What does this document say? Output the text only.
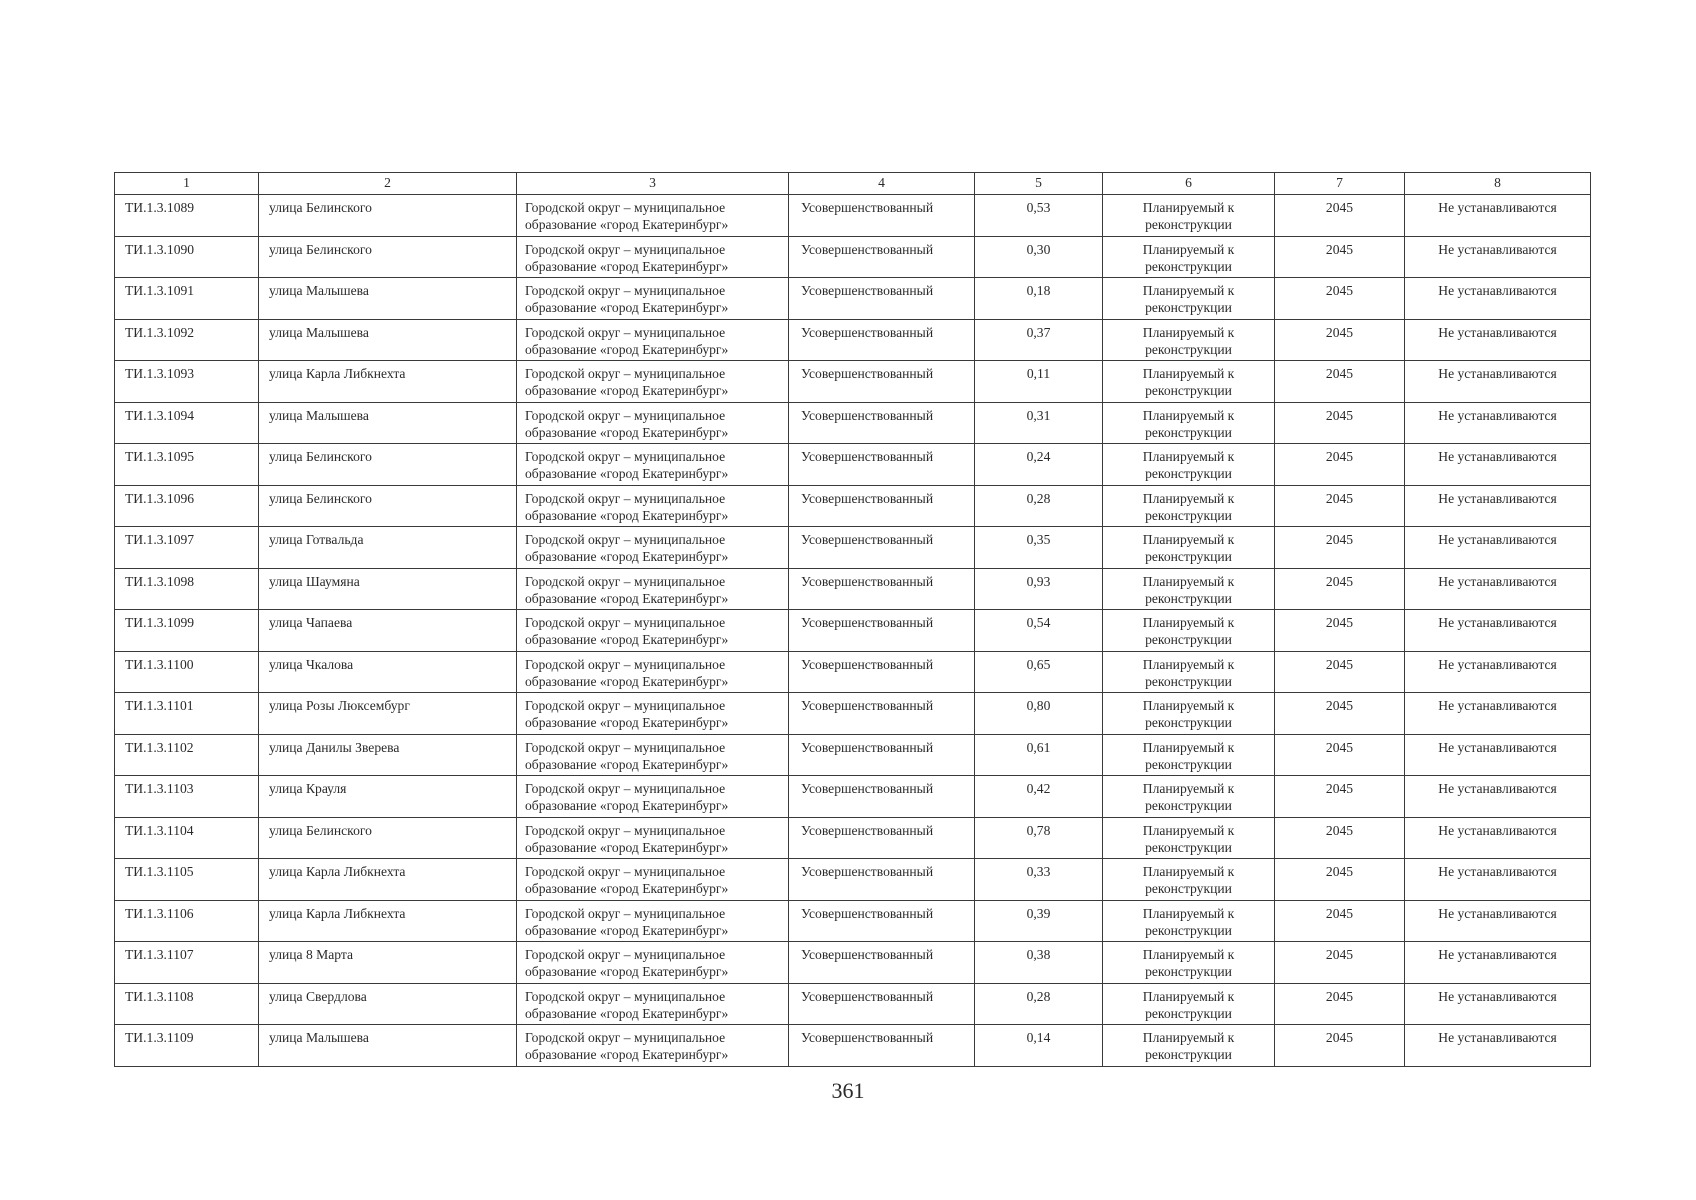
1	2	3	4	5	6	7	8
ТИ.1.3.1089	улица Белинского	Городской округ – муниципальное
образование «город Екатеринбург»	Усовершенствованный	0,53	Планируемый к
реконструкции	2045	Не устанавливаются
ТИ.1.3.1090	улица Белинского	Городской округ – муниципальное
образование «город Екатеринбург»	Усовершенствованный	0,30	Планируемый к
реконструкции	2045	Не устанавливаются
ТИ.1.3.1091	улица Малышева	Городской округ – муниципальное
образование «город Екатеринбург»	Усовершенствованный	0,18	Планируемый к
реконструкции	2045	Не устанавливаются
ТИ.1.3.1092	улица Малышева	Городской округ – муниципальное
образование «город Екатеринбург»	Усовершенствованный	0,37	Планируемый к
реконструкции	2045	Не устанавливаются
ТИ.1.3.1093	улица Карла Либкнехта	Городской округ – муниципальное
образование «город Екатеринбург»	Усовершенствованный	0,11	Планируемый к
реконструкции	2045	Не устанавливаются
ТИ.1.3.1094	улица Малышева	Городской округ – муниципальное
образование «город Екатеринбург»	Усовершенствованный	0,31	Планируемый к
реконструкции	2045	Не устанавливаются
ТИ.1.3.1095	улица Белинского	Городской округ – муниципальное
образование «город Екатеринбург»	Усовершенствованный	0,24	Планируемый к
реконструкции	2045	Не устанавливаются
ТИ.1.3.1096	улица Белинского	Городской округ – муниципальное
образование «город Екатеринбург»	Усовершенствованный	0,28	Планируемый к
реконструкции	2045	Не устанавливаются
ТИ.1.3.1097	улица Готвальда	Городской округ – муниципальное
образование «город Екатеринбург»	Усовершенствованный	0,35	Планируемый к
реконструкции	2045	Не устанавливаются
ТИ.1.3.1098	улица Шаумяна	Городской округ – муниципальное
образование «город Екатеринбург»	Усовершенствованный	0,93	Планируемый к
реконструкции	2045	Не устанавливаются
ТИ.1.3.1099	улица Чапаева	Городской округ – муниципальное
образование «город Екатеринбург»	Усовершенствованный	0,54	Планируемый к
реконструкции	2045	Не устанавливаются
ТИ.1.3.1100	улица Чкалова	Городской округ – муниципальное
образование «город Екатеринбург»	Усовершенствованный	0,65	Планируемый к
реконструкции	2045	Не устанавливаются
ТИ.1.3.1101	улица Розы Люксембург	Городской округ – муниципальное
образование «город Екатеринбург»	Усовершенствованный	0,80	Планируемый к
реконструкции	2045	Не устанавливаются
ТИ.1.3.1102	улица Данилы Зверева	Городской округ – муниципальное
образование «город Екатеринбург»	Усовершенствованный	0,61	Планируемый к
реконструкции	2045	Не устанавливаются
ТИ.1.3.1103	улица Крауля	Городской округ – муниципальное
образование «город Екатеринбург»	Усовершенствованный	0,42	Планируемый к
реконструкции	2045	Не устанавливаются
ТИ.1.3.1104	улица Белинского	Городской округ – муниципальное
образование «город Екатеринбург»	Усовершенствованный	0,78	Планируемый к
реконструкции	2045	Не устанавливаются
ТИ.1.3.1105	улица Карла Либкнехта	Городской округ – муниципальное
образование «город Екатеринбург»	Усовершенствованный	0,33	Планируемый к
реконструкции	2045	Не устанавливаются
ТИ.1.3.1106	улица Карла Либкнехта	Городской округ – муниципальное
образование «город Екатеринбург»	Усовершенствованный	0,39	Планируемый к
реконструкции	2045	Не устанавливаются
ТИ.1.3.1107	улица 8 Марта	Городской округ – муниципальное
образование «город Екатеринбург»	Усовершенствованный	0,38	Планируемый к
реконструкции	2045	Не устанавливаются
ТИ.1.3.1108	улица Свердлова	Городской округ – муниципальное
образование «город Екатеринбург»	Усовершенствованный	0,28	Планируемый к
реконструкции	2045	Не устанавливаются
ТИ.1.3.1109	улица Малышева	Городской округ – муниципальное
образование «город Екатеринбург»	Усовершенствованный	0,14	Планируемый к
реконструкции	2045	Не устанавливаются
361
